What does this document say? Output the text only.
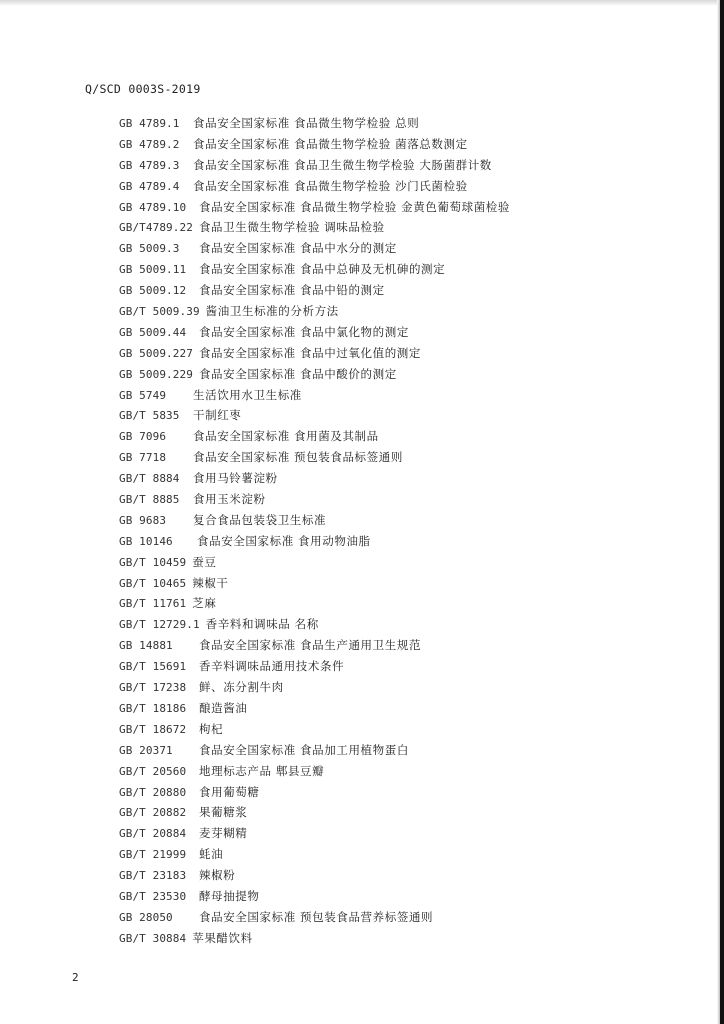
Q/SCD 0003S-2019
GB 4789.1	食品安全国家标准 食品微生物学检验 总则
GB 4789.2	食品安全国家标准 食品微生物学检验 菌落总数测定
GB 4789.3	食品安全国家标准 食品卫生微生物学检验 大肠菌群计数
GB 4789.4	食品安全国家标准 食品微生物学检验 沙门氏菌检验
GB 4789.10	食品安全国家标准 食品微生物学检验 金黄色葡萄球菌检验
GB/T4789.22 食品卫生微生物学检验 调味品检验
GB 5009.3	食品安全国家标准 食品中水分的测定
GB 5009.11	食品安全国家标准 食品中总砷及无机砷的测定
GB 5009.12	食品安全国家标准 食品中铅的测定
GB/T 5009.39 酱油卫生标准的分析方法
GB 5009.44	食品安全国家标准 食品中氯化物的测定
GB 5009.227 食品安全国家标准 食品中过氧化值的测定
GB 5009.229 食品安全国家标准 食品中酸价的测定
GB 5749	生活饮用水卫生标准
GB/T 5835	干制红枣
GB 7096	食品安全国家标准 食用菌及其制品
GB 7718	食品安全国家标准 预包装食品标签通则
GB/T 8884	食用马铃薯淀粉
GB/T 8885	食用玉米淀粉
GB 9683	复合食品包装袋卫生标准
GB 10146	食品安全国家标准 食用动物油脂
GB/T 10459 蚕豆
GB/T 10465 辣椒干
GB/T 11761 芝麻
GB/T 12729.1 香辛料和调味品 名称
GB 14881	食品安全国家标准 食品生产通用卫生规范
GB/T 15691	香辛料调味品通用技术条件
GB/T 17238	鲜、冻分割牛肉
GB/T 18186	酿造酱油
GB/T 18672	枸杞
GB 20371	食品安全国家标准 食品加工用植物蛋白
GB/T 20560	地理标志产品 郫县豆瓣
GB/T 20880	食用葡萄糖
GB/T 20882	果葡糖浆
GB/T 20884	麦芽糊精
GB/T 21999	蚝油
GB/T 23183	辣椒粉
GB/T 23530	酵母抽提物
GB 28050	食品安全国家标准 预包装食品营养标签通则
GB/T 30884 苹果醋饮料
2
